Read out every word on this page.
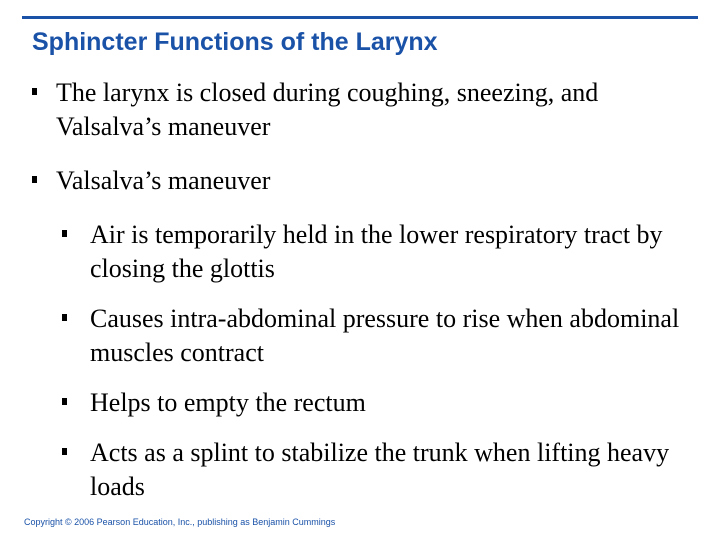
Sphincter Functions of the Larynx
The larynx is closed during coughing, sneezing, and Valsalva’s maneuver
Valsalva’s maneuver
Air is temporarily held in the lower respiratory tract by closing the glottis
Causes intra-abdominal pressure to rise when abdominal muscles contract
Helps to empty the rectum
Acts as a splint to stabilize the trunk when lifting heavy loads
Copyright © 2006 Pearson Education, Inc., publishing as Benjamin Cummings
